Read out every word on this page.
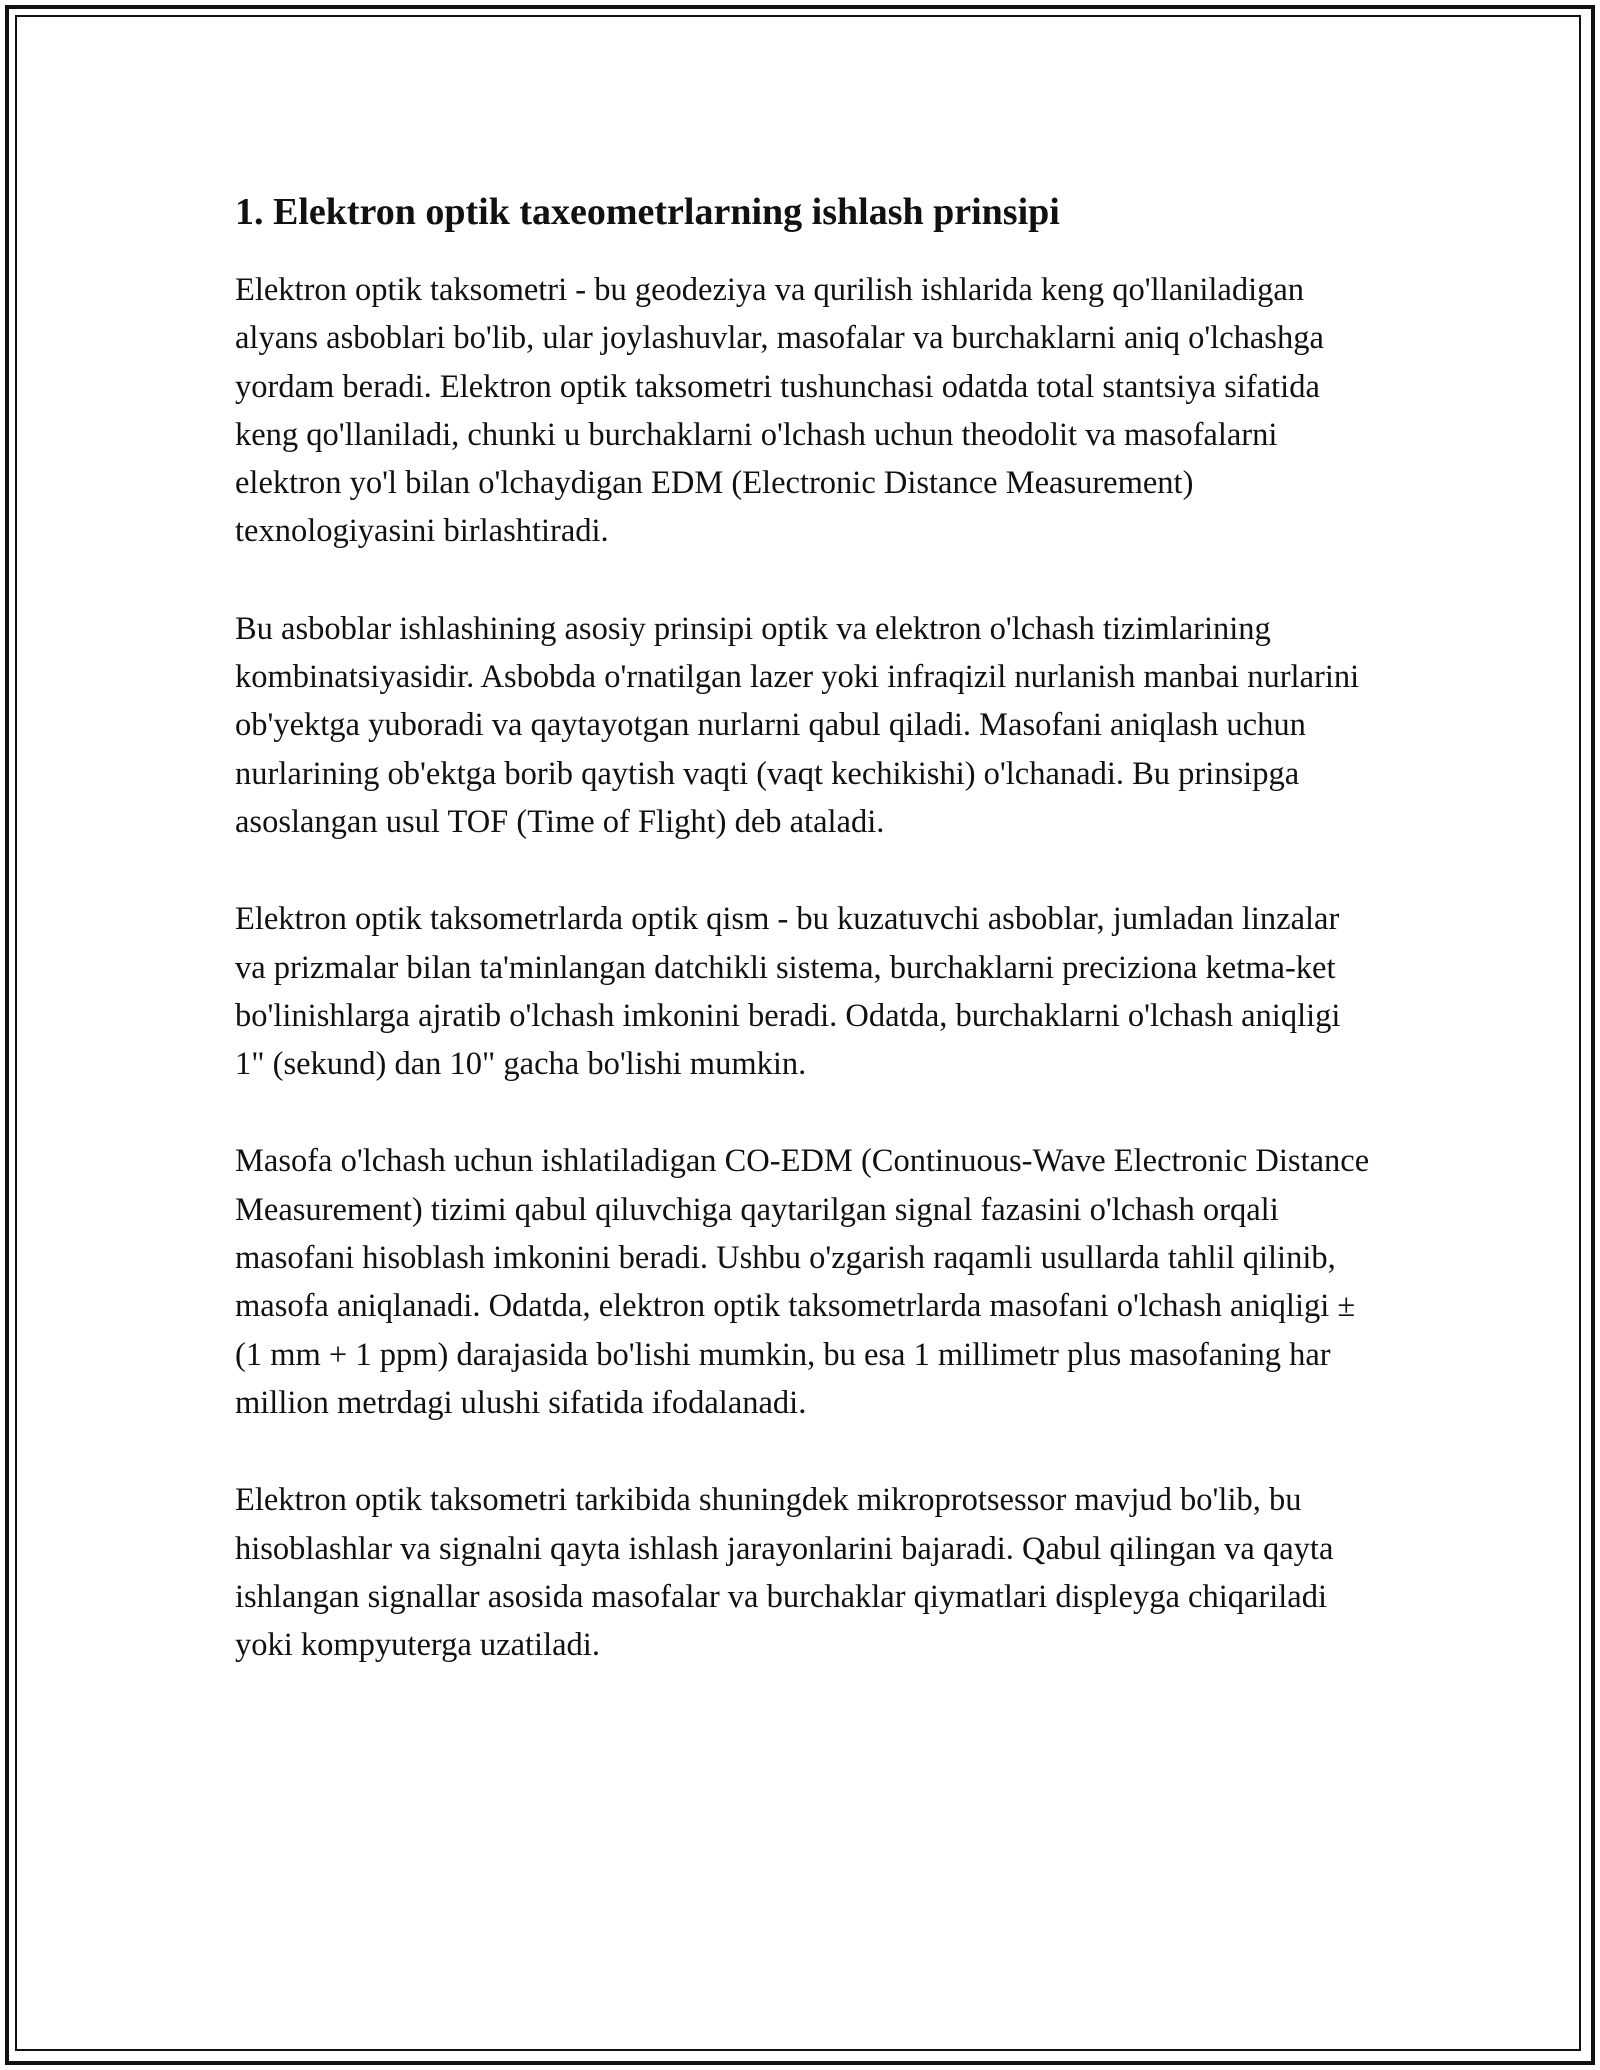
1. Elektron optik taxeometrlarning ishlash prinsipi

Elektron optik taksometri - bu geodeziya va qurilish ishlarida keng qo'llaniladigan alyans asboblari bo'lib, ular joylashuvlar, masofalar va burchaklarni aniq o'lchashga yordam beradi. Elektron optik taksometri tushunchasi odatda total stantsiya sifatida keng qo'llaniladi, chunki u burchaklarni o'lchash uchun theodolit va masofalarni elektron yo'l bilan o'lchaydigan EDM (Electronic Distance Measurement) texnologiyasini birlashtiradi.

Bu asboblar ishlashining asosiy prinsipi optik va elektron o'lchash tizimlarining kombinatsiyasidir. Asbobda o'rnatilgan lazer yoki infraqizil nurlanish manbai nurlarini ob'yektga yuboradi va qaytayotgan nurlarni qabul qiladi. Masofani aniqlash uchun nurlarining ob'ektga borib qaytish vaqti (vaqt kechikishi) o'lchanadi. Bu prinsipga asoslangan usul TOF (Time of Flight) deb ataladi.

Elektron optik taksometrlarda optik qism - bu kuzatuvchi asboblar, jumladan linzalar va prizmalar bilan ta'minlangan datchikli sistema, burchaklarni preciziona ketma-ket bo'linishlarga ajratib o'lchash imkonini beradi. Odatda, burchaklarni o'lchash aniqligi 1" (sekund) dan 10" gacha bo'lishi mumkin.

Masofa o'lchash uchun ishlatiladigan CO-EDM (Continuous-Wave Electronic Distance Measurement) tizimi qabul qiluvchiga qaytarilgan signal fazasini o'lchash orqali masofani hisoblash imkonini beradi. Ushbu o'zgarish raqamli usullarda tahlil qilinib, masofa aniqlanadi. Odatda, elektron optik taksometrlarda masofani o'lchash aniqligi ±(1 mm + 1 ppm) darajasida bo'lishi mumkin, bu esa 1 millimetr plus masofaning har million metrdagi ulushi sifatida ifodalanadi.

Elektron optik taksometri tarkibida shuningdek mikroprotsessor mavjud bo'lib, bu hisoblashlar va signalni qayta ishlash jarayonlarini bajaradi. Qabul qilingan va qayta ishlangan signallar asosida masofalar va burchaklar qiymatlari displeyga chiqariladi yoki kompyuterga uzatiladi.
